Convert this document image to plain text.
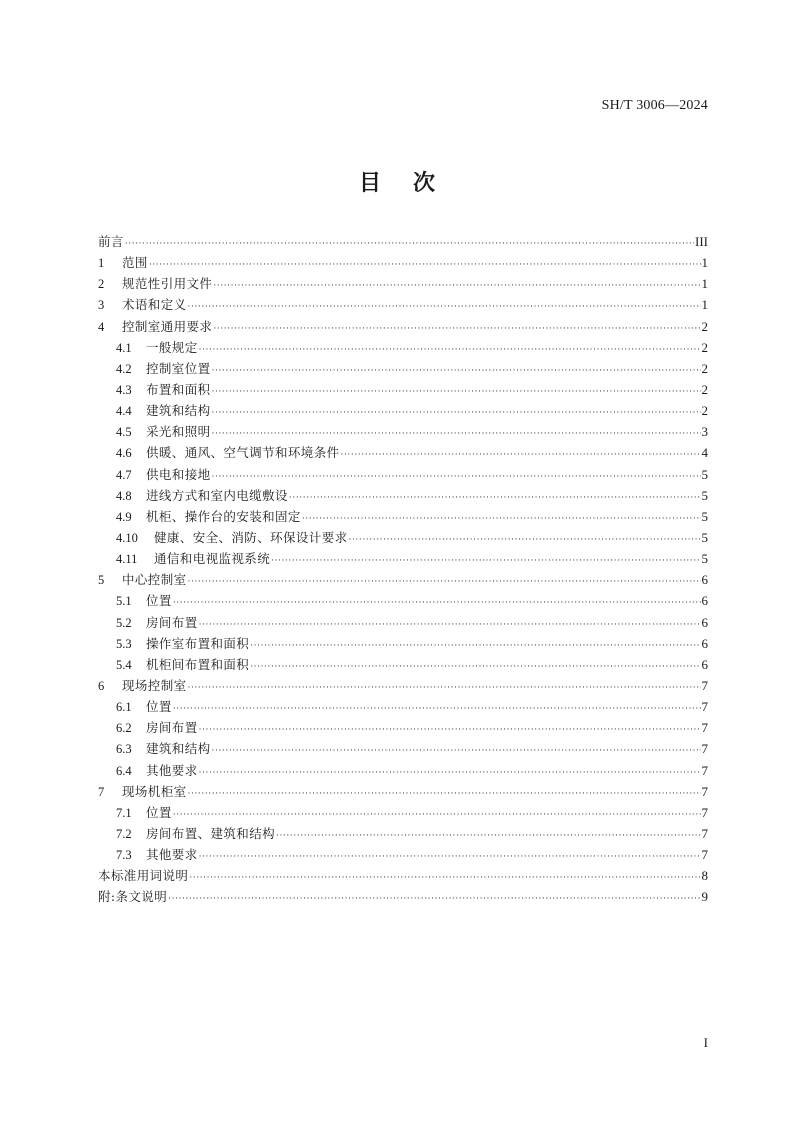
SH/T 3006—2024
目次
前言 ·····	III
1	范围 ·····	1
2	规范性引用文件 ·····	1
3	术语和定义 ·····	1
4	控制室通用要求 ·····	2
4.1	一般规定 ·····	2
4.2	控制室位置 ·····	2
4.3	布置和面积 ·····	2
4.4	建筑和结构 ·····	2
4.5	采光和照明 ·····	3
4.6	供暖、通风、空气调节和环境条件 ·····	4
4.7	供电和接地 ·····	5
4.8	进线方式和室内电缆敷设 ·····	5
4.9	机柜、操作台的安装和固定 ·····	5
4.10	健康、安全、消防、环保设计要求 ·····	5
4.11	通信和电视监视系统 ·····	5
5	中心控制室 ·····	6
5.1	位置 ·····	6
5.2	房间布置 ·····	6
5.3	操作室布置和面积 ·····	6
5.4	机柜间布置和面积 ·····	6
6	现场控制室 ·····	7
6.1	位置 ·····	7
6.2	房间布置 ·····	7
6.3	建筑和结构 ·····	7
6.4	其他要求 ·····	7
7	现场机柜室 ·····	7
7.1	位置 ·····	7
7.2	房间布置、建筑和结构 ·····	7
7.3	其他要求 ·····	7
本标准用词说明 ·····	8
附:条文说明 ·····	9
I
